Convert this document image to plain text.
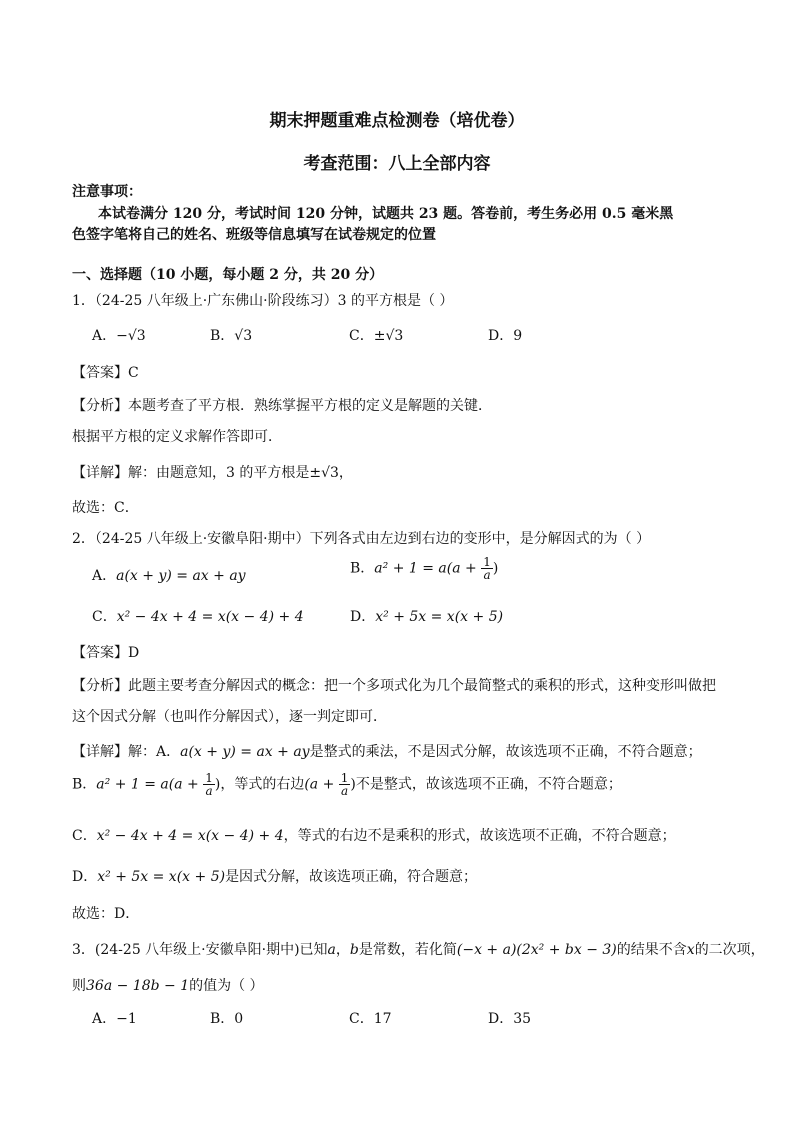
期末押题重难点检测卷（培优卷）
考查范围：八上全部内容
注意事项：
本试卷满分 120 分，考试时间 120 分钟，试题共 23 题。答卷前，考生务必用 0.5 毫米黑
色签字笔将自己的姓名、班级等信息填写在试卷规定的位置
一、选择题（10 小题，每小题 2 分，共 20 分）
1．（24-25 八年级上·广东佛山·阶段练习）3 的平方根是（ ）
A．−√3	B．√3	C．±√3	D．9
【答案】C
【分析】本题考查了平方根．熟练掌握平方根的定义是解题的关键．
根据平方根的定义求解作答即可．
【详解】解：由题意知，3 的平方根是±√3，
故选：C．
2．（24-25 八年级上·安徽阜阳·期中）下列各式由左边到右边的变形中，是分解因式的为（ ）
A．a(x + y) = ax + ay	B．$a^2 + 1 = a(a + \frac{1}{a}$ )
C．x² − 4x + 4 = x(x − 4) + 4	D．x² + 5x = x(x + 5)
【答案】D
【分析】此题主要考查分解因式的概念：把一个多项式化为几个最简整式的乘积的形式，这种变形叫做把
这个因式分解（也叫作分解因式），逐一判定即可．
【详解】解：A．a(x + y) = ax + ay是整式的乘法，不是因式分解，故该选项不正确，不符合题意；
B．$a^2 + 1 = a(a + \frac{1}{a}$ )，等式的右边($a + \frac{1}{a}$ )不是整式，故该选项不正确，不符合题意；
C．x² − 4x + 4 = x(x − 4) + 4，等式的右边不是乘积的形式，故该选项不正确，不符合题意；
D．x² + 5x = x(x + 5)是因式分解，故该选项正确，符合题意；
故选：D．
3．(24-25 八年级上·安徽阜阳·期中)已知a，b是常数，若化简(−x + a)(2x² + bx − 3)的结果不含x的二次项，
则36a − 18b − 1的值为（ ）
A．−1	B．0	C．17	D．35
